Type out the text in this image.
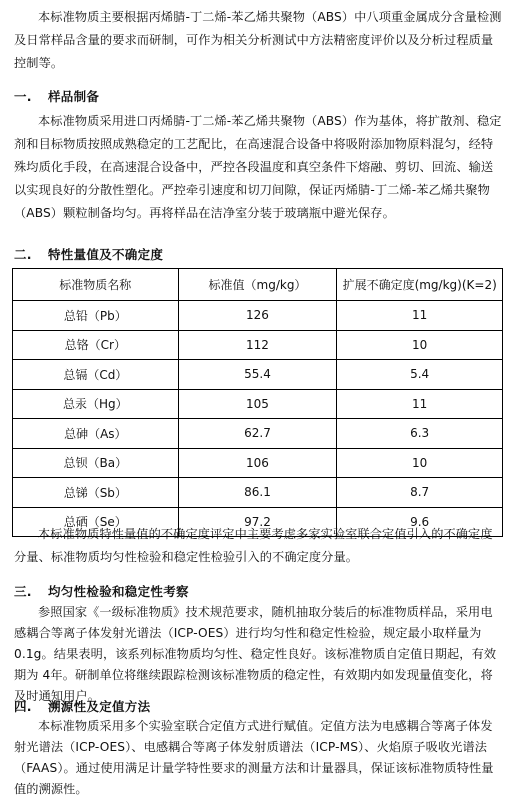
本标准物质主要根据丙烯腈-丁二烯-苯乙烯共聚物（ABS）中八项重金属成分含量检测及日常样品含量的要求而研制，可作为相关分析测试中方法精密度评价以及分析过程质量控制等。

一. 样品制备

本标准物质采用进口丙烯腈-丁二烯-苯乙烯共聚物（ABS）作为基体，将扩散剂、稳定剂和目标物质按照成熟稳定的工艺配比，在高速混合设备中将吸附添加物原料混匀，经特殊均质化手段，在高速混合设备中，严控各段温度和真空条件下熔融、剪切、回流、输送以实现良好的分散性塑化。严控牵引速度和切刀间隙，保证丙烯腈-丁二烯-苯乙烯共聚物（ABS）颗粒制备均匀。再将样品在洁净室分装于玻璃瓶中避光保存。

二. 特性量值及不确定度
标准物质名称	标准值（mg/kg）	扩展不确定度(mg/kg)(K=2)
总铅（Pb）	126	11
总铬（Cr）	112	10
总镉（Cd）	55.4	5.4
总汞（Hg）	105	11
总砷（As）	62.7	6.3
总钡（Ba）	106	10
总锑（Sb）	86.1	8.7
总硒（Se）	97.2	9.6

本标准物质特性量值的不确定度评定中主要考虑多家实验室联合定值引入的不确定度分量、标准物质均匀性检验和稳定性检验引入的不确定度分量。

三. 均匀性检验和稳定性考察

参照国家《一级标准物质》技术规范要求，随机抽取分装后的标准物质样品，采用电感耦合等离子体发射光谱法（ICP-OES）进行均匀性和稳定性检验，规定最小取样量为 0.1g。结果表明，该系列标准物质均匀性、稳定性良好。该标准物质自定值日期起，有效期为 4年。研制单位将继续跟踪检测该标准物质的稳定性，有效期内如发现量值变化，将及时通知用户。

四. 溯源性及定值方法

本标准物质采用多个实验室联合定值方式进行赋值。定值方法为电感耦合等离子体发射光谱法（ICP-OES）、电感耦合等离子体发射质谱法（ICP-MS）、火焰原子吸收光谱法（FAAS）。通过使用满足计量学特性要求的测量方法和计量器具，保证该标准物质特性量值的溯源性。
